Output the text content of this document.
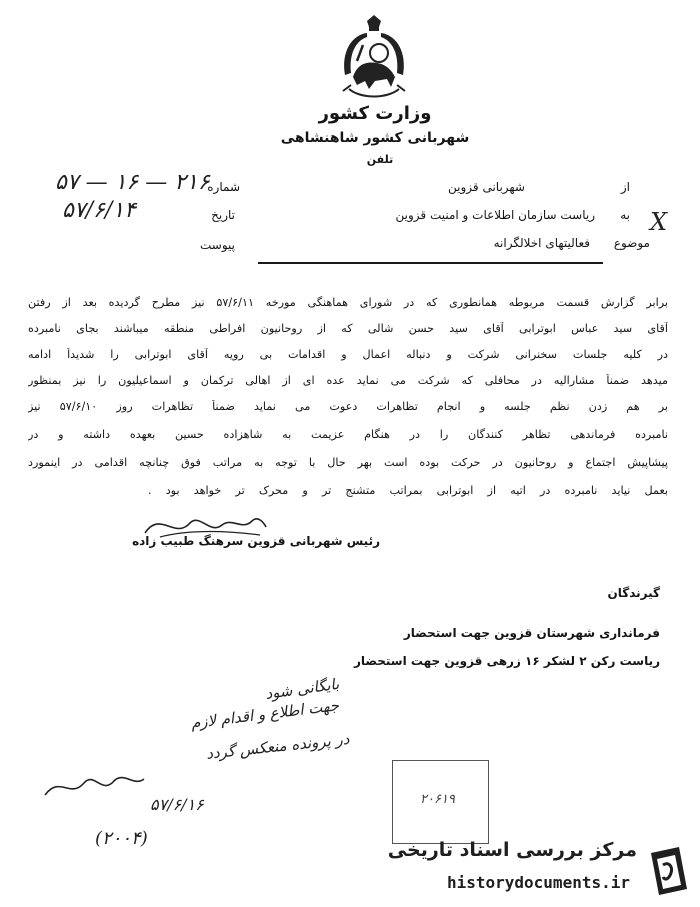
وزارت کشور
شهربانی کشور شاهنشاهی
تلفن
شماره
۵۷ — ۱۶ — ۲۱۶
تاریخ
۵۷/۶/۱۴
پیوست
از
شهربانی قزوین
به
ریاست سازمان اطلاعات و امنیت قزوین X
موضوع
فعالیتهای اخلالگرانه
برابر گزارش قسمت مربوطه همانطوری که در شورای هماهنگی مورخه ۵۷/۶/۱۱ نیز مطرح گردیده بعد از رفتن
آقای سید عباس ابوترابی آقای سید حسن شالی که از روحانیون افراطی منطقه میباشند بجای نامبرده
در کلیه جلسات سخنرانی شرکت و دنباله اعمال و اقدامات بی رویه آقای ابوترابی را شدیداً ادامه
میدهد ضمناً مشارالیه در محافلی که شرکت می نماید عده ای از اهالی ترکمان و اسماعیلیون را نیز بمنظور
بر هم زدن نظم جلسه و انجام تظاهرات دعوت می نماید ضمناً تظاهرات روز ۵۷/۶/۱۰ نیز
نامبرده فرماندهی تظاهر کنندگان را در هنگام عزیمت به شاهزاده حسین بعهده داشته و در
پیشاپیش اجتماع و روحانیون در حرکت بوده است بهر حال با توجه به مراتب فوق چنانچه اقدامی در اینمورد
بعمل نیاید نامبرده در اتیه از ابوترابی بمراتب متشنج تر و محرک تر خواهد بود .
رئیس شهربانی قزوین سرهنگ طبیب زاده
گیرندگان
فرمانداری شهرستان قزوین جهت استحضار
ریاست رکن ۲ لشکر ۱۶ زرهی قزوین جهت استحضار
بایگانی شود
جهت اطلاع و اقدام لازم
در پرونده منعکس گردد
۵۷/۶/۱۶
(۲۰۰۴)
۲۰۶۱۹
مرکز بررسی اسناد تاریخی
historydocuments.ir
